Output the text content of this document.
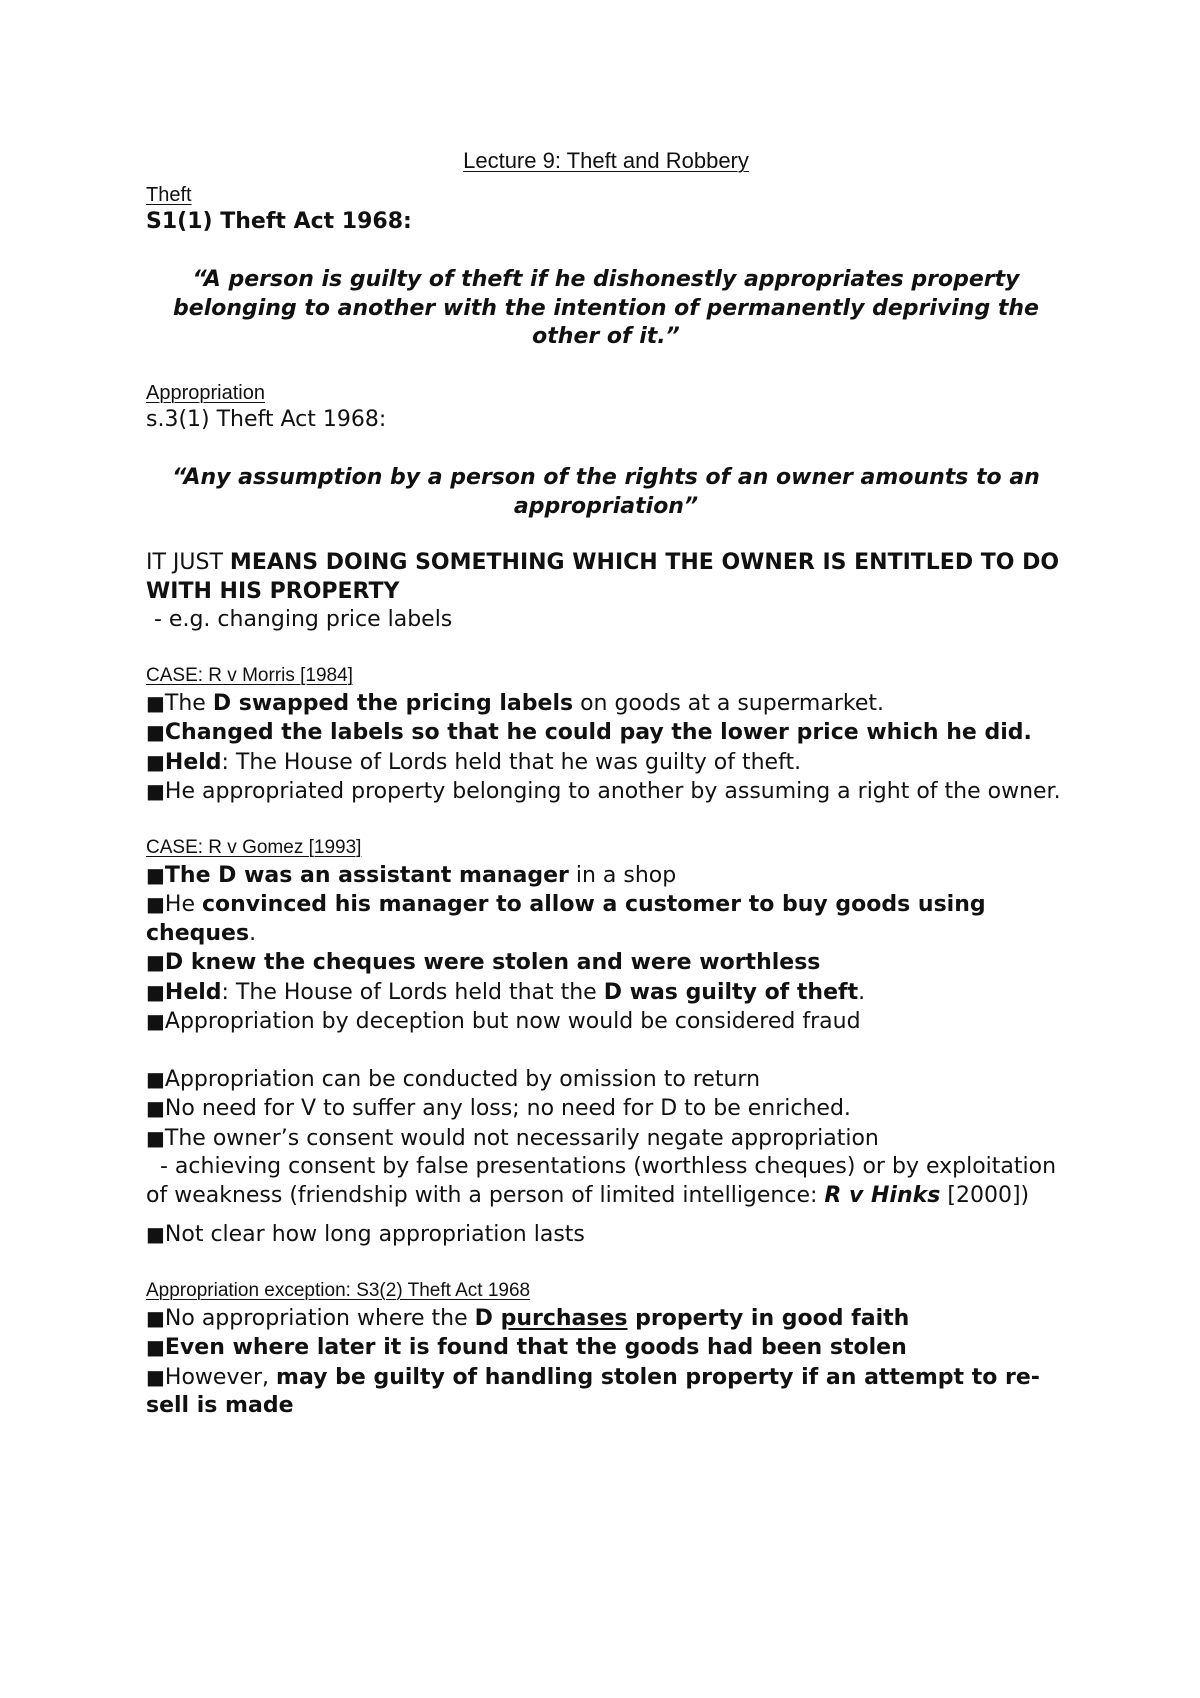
Lecture 9: Theft and Robbery
Theft
S1(1) Theft Act 1968:
“A person is guilty of theft if he dishonestly appropriates property belonging to another with the intention of permanently depriving the other of it.”
Appropriation
s.3(1) Theft Act 1968:
“Any assumption by a person of the rights of an owner amounts to an appropriation”
IT JUST MEANS DOING SOMETHING WHICH THE OWNER IS ENTITLED TO DO WITH HIS PROPERTY
- e.g. changing price labels
CASE: R v Morris [1984]
■The D swapped the pricing labels on goods at a supermarket.
■Changed the labels so that he could pay the lower price which he did.
■Held: The House of Lords held that he was guilty of theft.
■He appropriated property belonging to another by assuming a right of the owner.
CASE: R v Gomez [1993]
■The D was an assistant manager in a shop
■He convinced his manager to allow a customer to buy goods using cheques.
■D knew the cheques were stolen and were worthless
■Held: The House of Lords held that the D was guilty of theft.
■Appropriation by deception but now would be considered fraud
■Appropriation can be conducted by omission to return
■No need for V to suffer any loss; no need for D to be enriched.
■The owner’s consent would not necessarily negate appropriation
- achieving consent by false presentations (worthless cheques) or by exploitation of weakness (friendship with a person of limited intelligence: R v Hinks [2000])
■Not clear how long appropriation lasts
Appropriation exception: S3(2) Theft Act 1968
■No appropriation where the D purchases property in good faith
■Even where later it is found that the goods had been stolen
■However, may be guilty of handling stolen property if an attempt to re-sell is made
